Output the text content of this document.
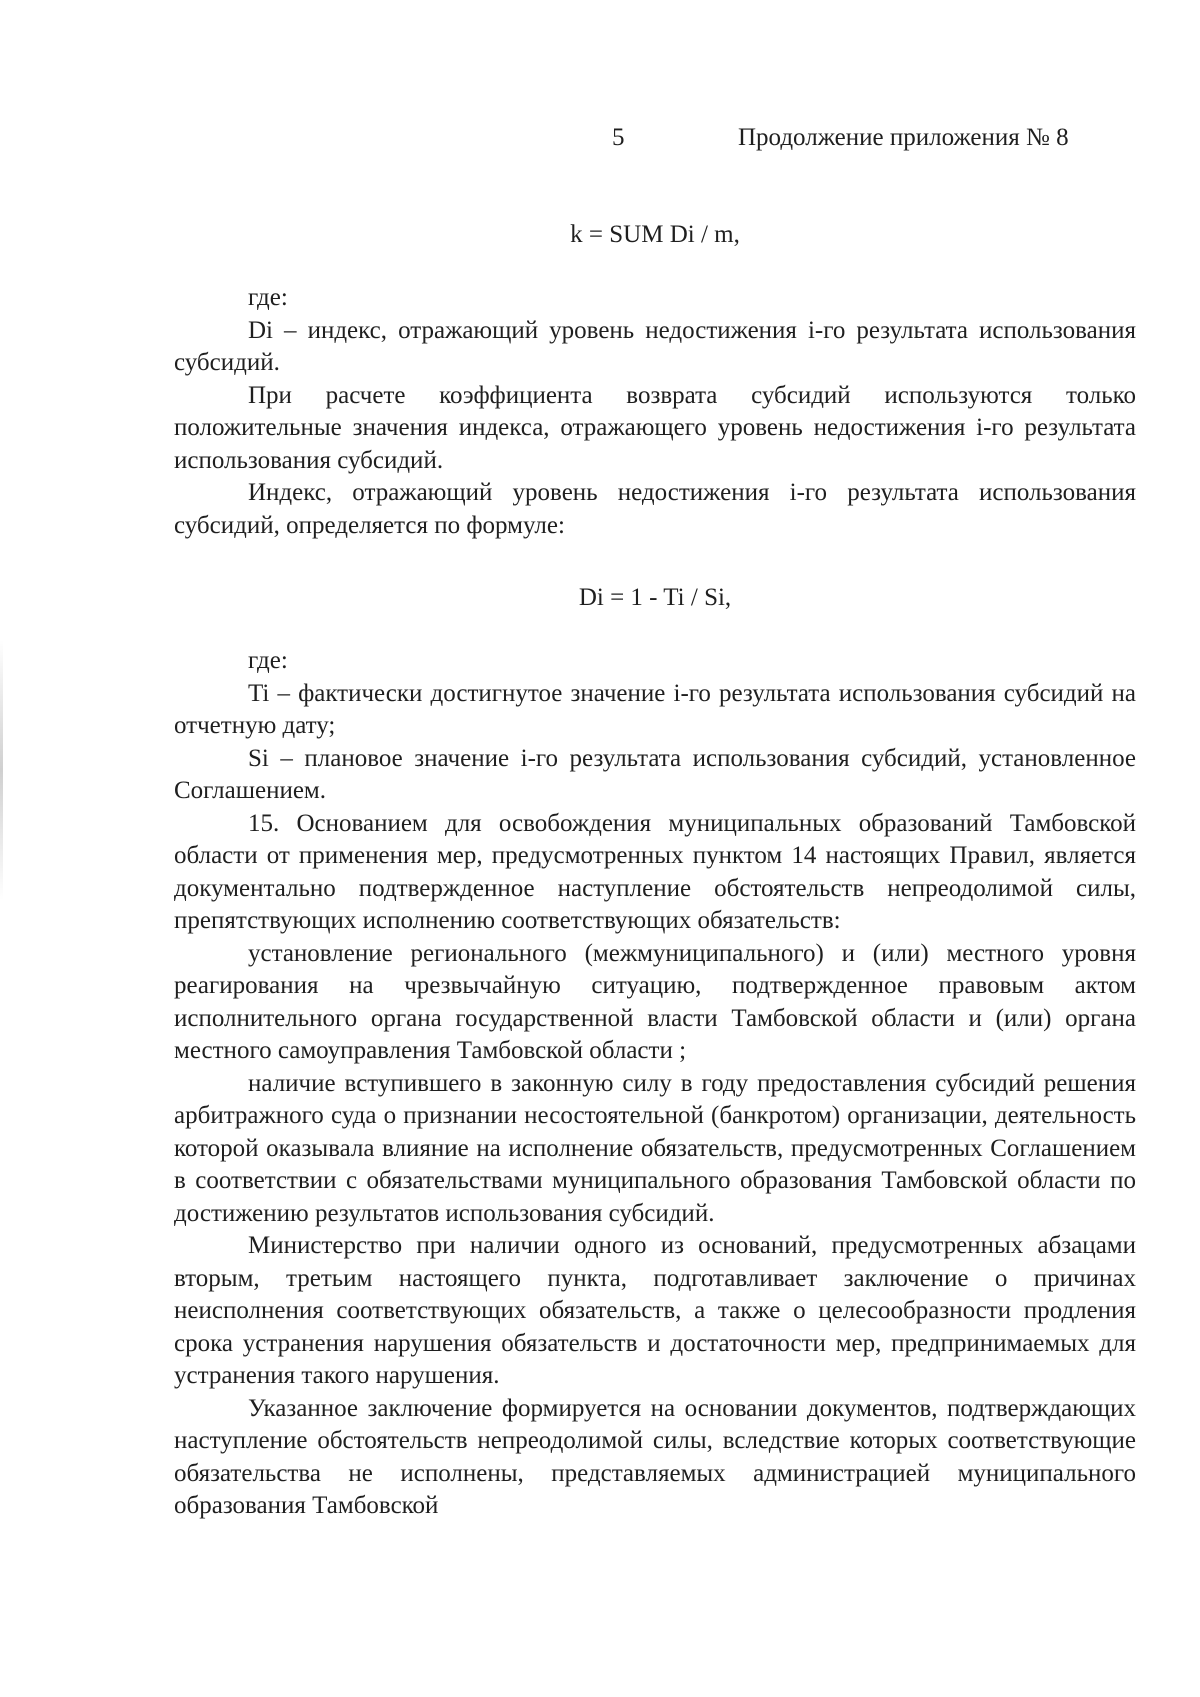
5	Продолжение приложения № 8
k = SUM Di / m,

где:

Di – индекс, отражающий уровень недостижения i-го результата использования субсидий.

При расчете коэффициента возврата субсидий используются только положительные значения индекса, отражающего уровень недостижения i-го результата использования субсидий.

Индекс, отражающий уровень недостижения i-го результата использования субсидий, определяется по формуле:

Di = 1 - Ti / Si,

где:

Ti – фактически достигнутое значение i-го результата использования субсидий на отчетную дату;

Si – плановое значение i-го результата использования субсидий, установленное Соглашением.

15. Основанием для освобождения муниципальных образований Тамбовской области от применения мер, предусмотренных пунктом 14 настоящих Правил, является документально подтвержденное наступление обстоятельств непреодолимой силы, препятствующих исполнению соответствующих обязательств:

установление регионального (межмуниципального) и (или) местного уровня реагирования на чрезвычайную ситуацию, подтвержденное правовым актом исполнительного органа государственной власти Тамбовской области и (или) органа местного самоуправления Тамбовской области ;

наличие вступившего в законную силу в году предоставления субсидий решения арбитражного суда о признании несостоятельной (банкротом) организации, деятельность которой оказывала влияние на исполнение обязательств, предусмотренных Соглашением в соответствии с обязательствами муниципального образования Тамбовской области по достижению результатов использования субсидий.

Министерство при наличии одного из оснований, предусмотренных абзацами вторым, третьим настоящего пункта, подготавливает заключение о причинах неисполнения соответствующих обязательств, а также о целесообразности продления срока устранения нарушения обязательств и достаточности мер, предпринимаемых для устранения такого нарушения.

Указанное заключение формируется на основании документов, подтверждающих наступление обстоятельств непреодолимой силы, вследствие которых соответствующие обязательства не исполнены, представляемых администрацией муниципального образования Тамбовской
